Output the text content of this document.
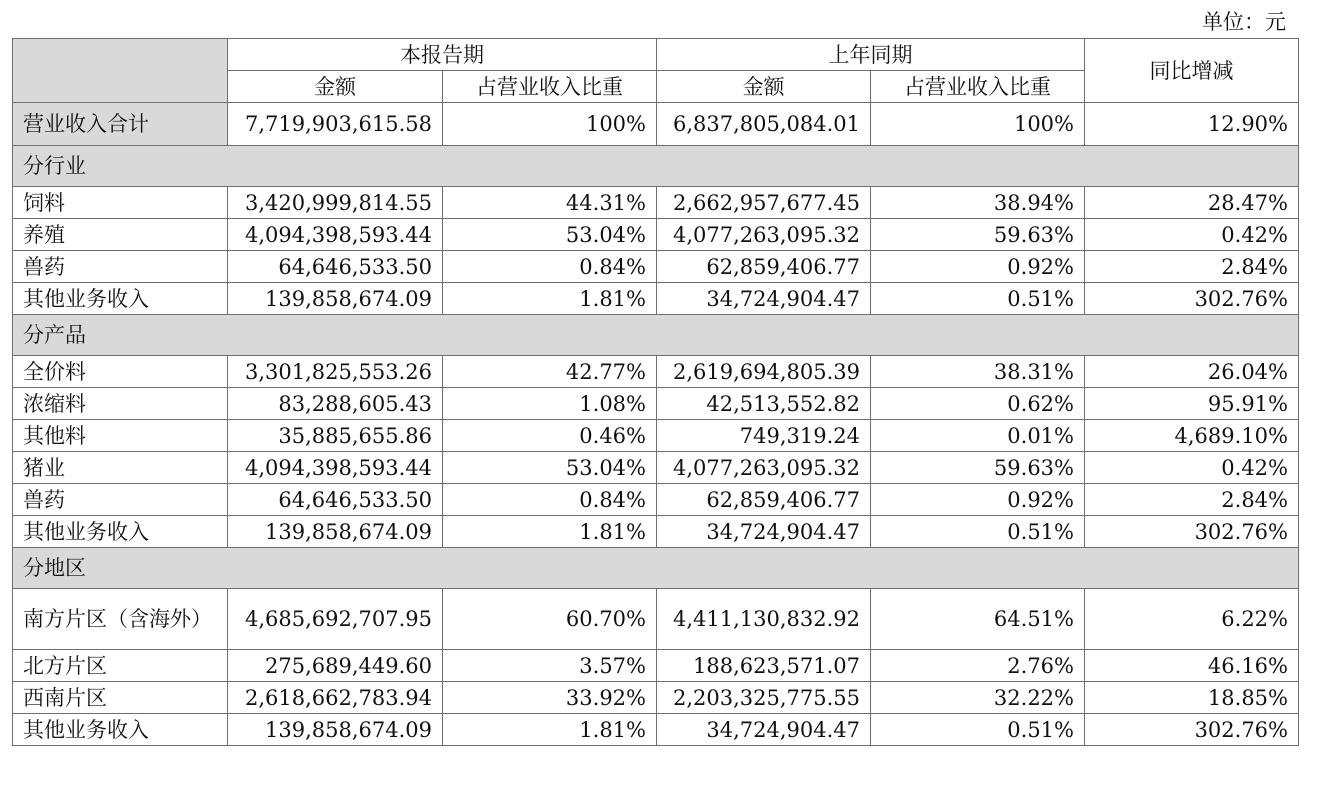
单位：元
	本报告期		上年同期		同比增减
	金额	占营业收入比重	金额	占营业收入比重	
营业收入合计	7,719,903,615.58	100%	6,837,805,084.01	100%	12.90%
分行业					
饲料	3,420,999,814.55	44.31%	2,662,957,677.45	38.94%	28.47%
养殖	4,094,398,593.44	53.04%	4,077,263,095.32	59.63%	0.42%
兽药	64,646,533.50	0.84%	62,859,406.77	0.92%	2.84%
其他业务收入	139,858,674.09	1.81%	34,724,904.47	0.51%	302.76%
分产品					
全价料	3,301,825,553.26	42.77%	2,619,694,805.39	38.31%	26.04%
浓缩料	83,288,605.43	1.08%	42,513,552.82	0.62%	95.91%
其他料	35,885,655.86	0.46%	749,319.24	0.01%	4,689.10%
猪业	4,094,398,593.44	53.04%	4,077,263,095.32	59.63%	0.42%
兽药	64,646,533.50	0.84%	62,859,406.77	0.92%	2.84%
其他业务收入	139,858,674.09	1.81%	34,724,904.47	0.51%	302.76%
分地区					
南方片区（含海外）	4,685,692,707.95	60.70%	4,411,130,832.92	64.51%	6.22%
北方片区	275,689,449.60	3.57%	188,623,571.07	2.76%	46.16%
西南片区	2,618,662,783.94	33.92%	2,203,325,775.55	32.22%	18.85%
其他业务收入	139,858,674.09	1.81%	34,724,904.47	0.51%	302.76%
